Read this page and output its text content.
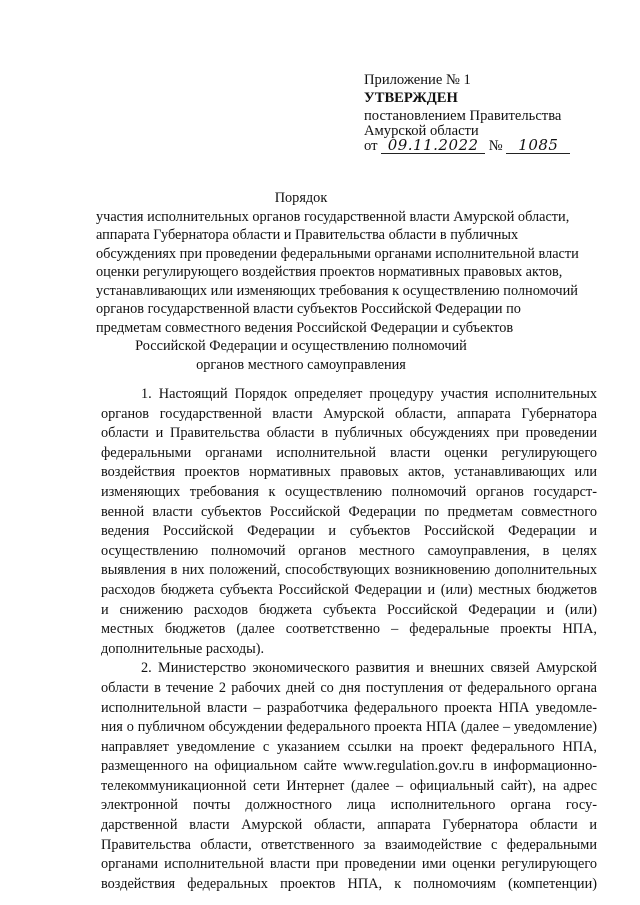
Приложение № 1
УТВЕРЖДЕН
постановлением Правительства
Амурской области
от 09.11.2022 № 1085
Порядок
участия исполнительных органов государственной власти Амурской области,
аппарата Губернатора области и Правительства области в публичных
обсуждениях при проведении федеральными органами исполнительной власти
оценки регулирующего воздействия проектов нормативных правовых актов,
устанавливающих или изменяющих требования к осуществлению полномочий
органов государственной власти субъектов Российской Федерации по
предметам совместного ведения Российской Федерации и субъектов
Российской Федерации и осуществлению полномочий
органов местного самоуправления
1. Настоящий Порядок определяет процедуру участия исполнительных
органов государственной власти Амурской области, аппарата Губернатора
области и Правительства области в публичных обсуждениях при проведении
федеральными органами исполнительной власти оценки регулирующего
воздействия проектов нормативных правовых актов, устанавливающих или
изменяющих требования к осуществлению полномочий органов государст-
венной власти субъектов Российской Федерации по предметам совместного
ведения Российской Федерации и субъектов Российской Федерации и
осуществлению полномочий органов местного самоуправления, в целях
выявления в них положений, способствующих возникновению дополнительных
расходов бюджета субъекта Российской Федерации и (или) местных бюджетов
и снижению расходов бюджета субъекта Российской Федерации и (или)
местных бюджетов (далее соответственно – федеральные проекты НПА,
дополнительные расходы).
2. Министерство экономического развития и внешних связей Амурской
области в течение 2 рабочих дней со дня поступления от федерального органа
исполнительной власти – разработчика федерального проекта НПА уведомле-
ния о публичном обсуждении федерального проекта НПА (далее – уведомление)
направляет уведомление с указанием ссылки на проект федерального НПА,
размещенного на официальном сайте www.regulation.gov.ru в информационно-
телекоммуникационной сети Интернет (далее – официальный сайт), на адрес
электронной почты должностного лица исполнительного органа госу-
дарственной власти Амурской области, аппарата Губернатора области и
Правительства области, ответственного за взаимодействие с федеральными
органами исполнительной власти при проведении ими оценки регулирующего
воздействия федеральных проектов НПА, к полномочиям (компетенции)
